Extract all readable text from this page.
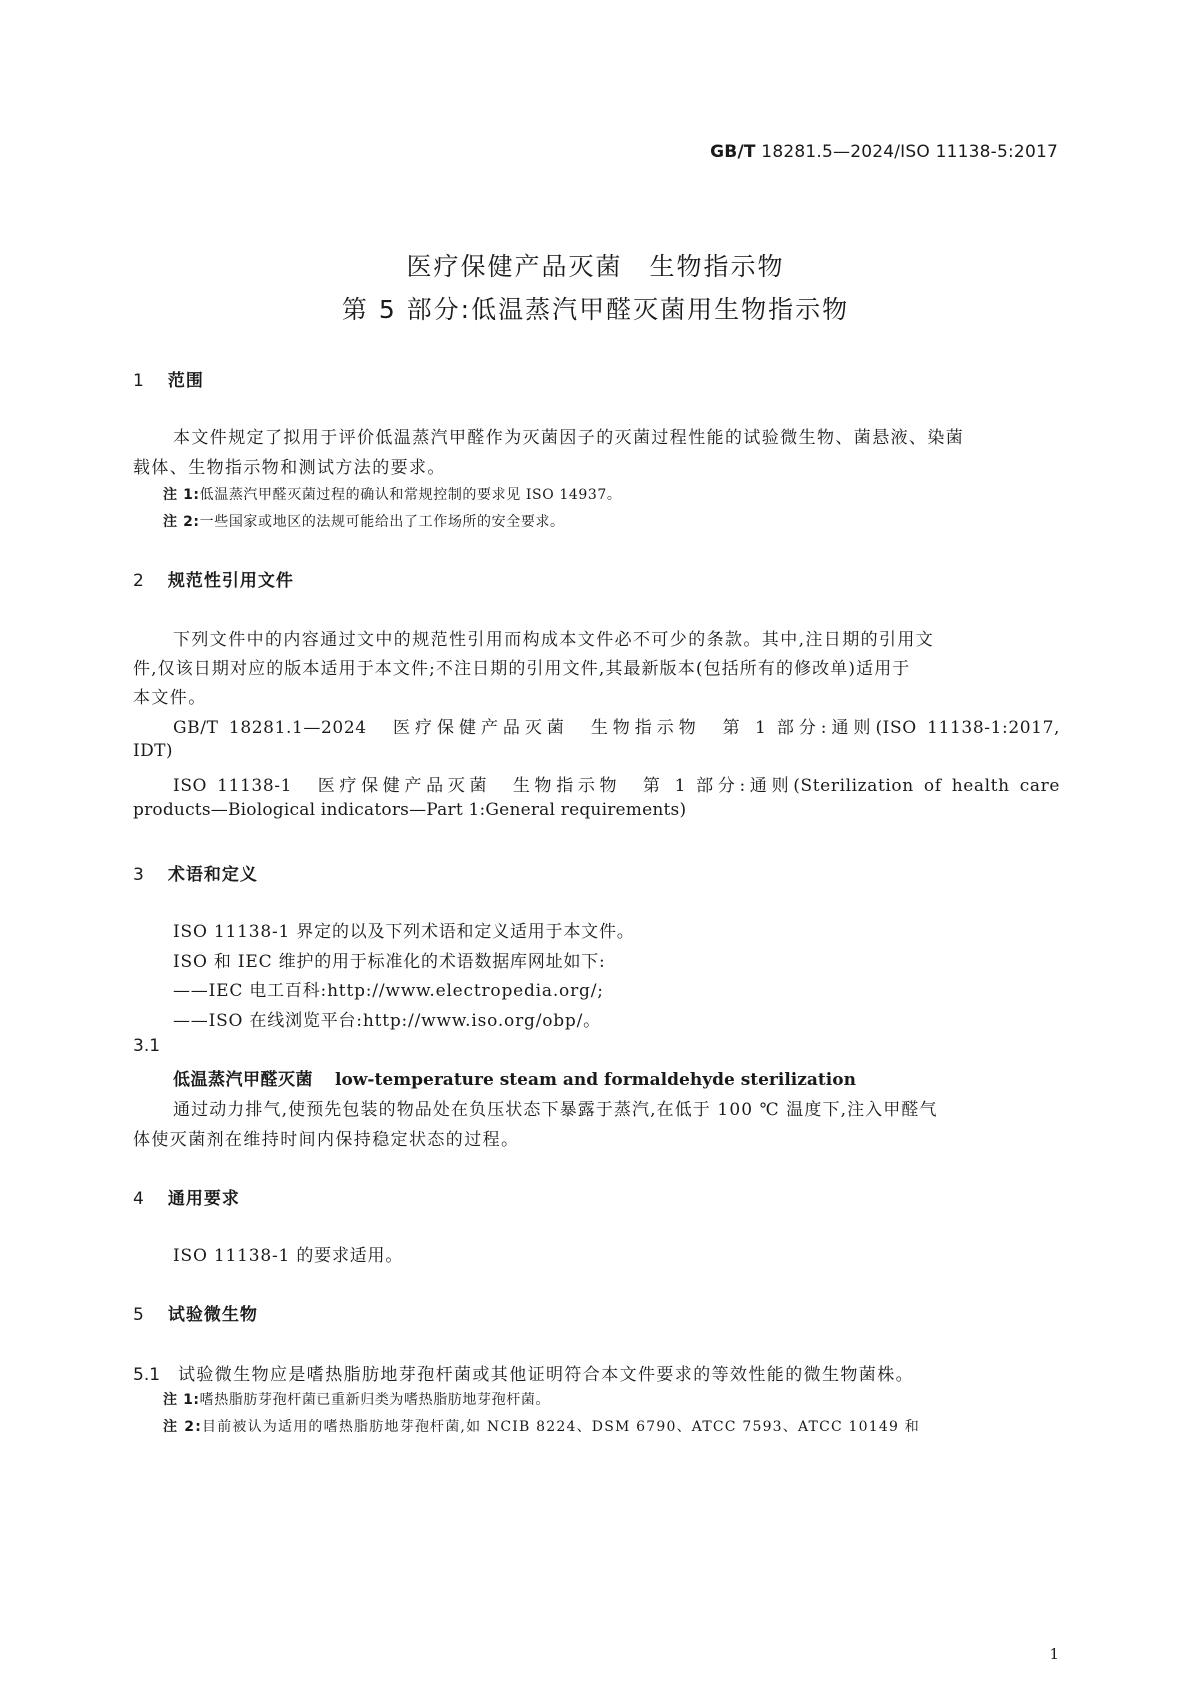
GB/T 18281.5—2024/ISO 11138-5:2017
医疗保健产品灭菌　生物指示物
第 5 部分:低温蒸汽甲醛灭菌用生物指示物
1 范围
本文件规定了拟用于评价低温蒸汽甲醛作为灭菌因子的灭菌过程性能的试验微生物、菌悬液、染菌
载体、生物指示物和测试方法的要求。
注 1:低温蒸汽甲醛灭菌过程的确认和常规控制的要求见 ISO 14937。
注 2:一些国家或地区的法规可能给出了工作场所的安全要求。
2 规范性引用文件
下列文件中的内容通过文中的规范性引用而构成本文件必不可少的条款。其中,注日期的引用文
件,仅该日期对应的版本适用于本文件;不注日期的引用文件,其最新版本(包括所有的修改单)适用于
本文件。
GB/T 18281.1—2024　医疗保健产品灭菌　生物指示物　第 1 部分:通则(ISO 11138-1:2017,
IDT)
ISO 11138-1　医疗保健产品灭菌　生物指示物　第 1 部分:通则(Sterilization of health care
products—Biological indicators—Part 1:General requirements)
3 术语和定义
ISO 11138-1 界定的以及下列术语和定义适用于本文件。
ISO 和 IEC 维护的用于标准化的术语数据库网址如下:
——IEC 电工百科:http://www.electropedia.org/;
——ISO 在线浏览平台:http://www.iso.org/obp/。
3.1
低温蒸汽甲醛灭菌 low-temperature steam and formaldehyde sterilization
通过动力排气,使预先包装的物品处在负压状态下暴露于蒸汽,在低于 100 ℃ 温度下,注入甲醛气
体使灭菌剂在维持时间内保持稳定状态的过程。
4 通用要求
ISO 11138-1 的要求适用。
5 试验微生物
5.1 试验微生物应是嗜热脂肪地芽孢杆菌或其他证明符合本文件要求的等效性能的微生物菌株。
注 1:嗜热脂肪芽孢杆菌已重新归类为嗜热脂肪地芽孢杆菌。
注 2:目前被认为适用的嗜热脂肪地芽孢杆菌,如 NCIB 8224、DSM 6790、ATCC 7593、ATCC 10149 和
1
